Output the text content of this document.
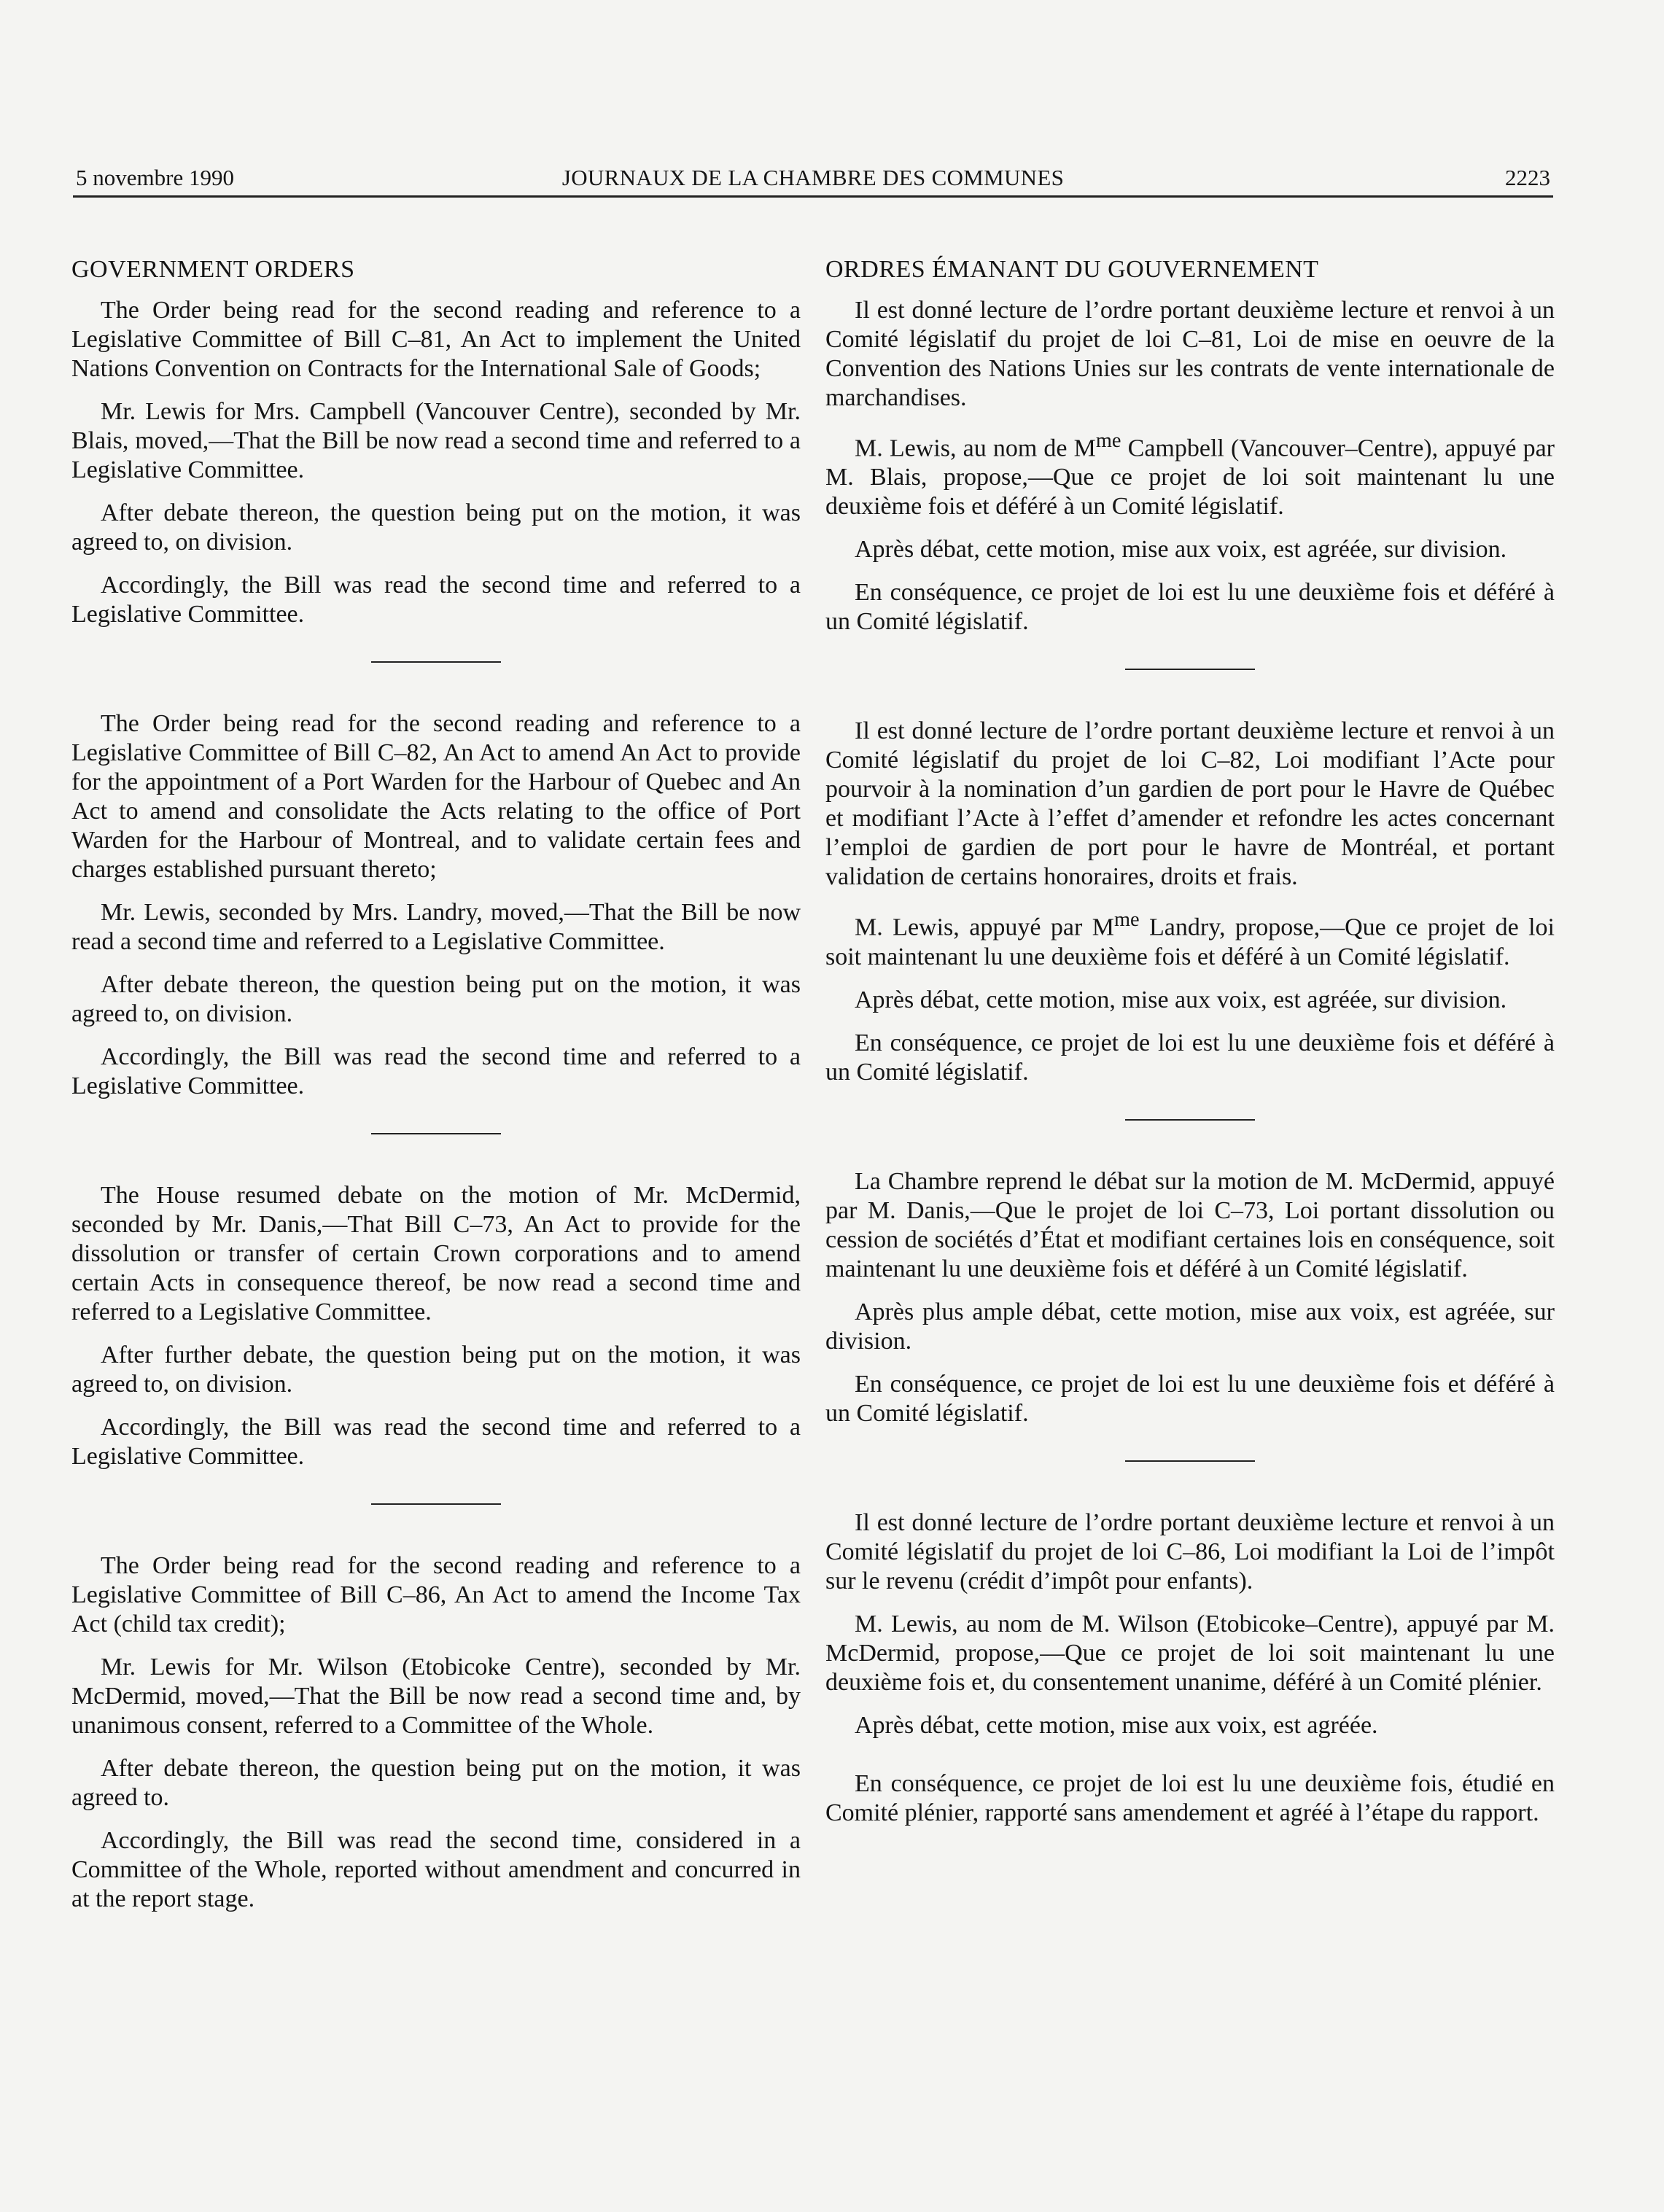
5 novembre 1990	JOURNAUX DE LA CHAMBRE DES COMMUNES	2223
GOVERNMENT ORDERS

The Order being read for the second reading and reference to a Legislative Committee of Bill C–81, An Act to implement the United Nations Convention on Contracts for the International Sale of Goods;

Mr. Lewis for Mrs. Campbell (Vancouver Centre), seconded by Mr. Blais, moved,—That the Bill be now read a second time and referred to a Legislative Committee.

After debate thereon, the question being put on the motion, it was agreed to, on division.

Accordingly, the Bill was read the second time and referred to a Legislative Committee.

The Order being read for the second reading and reference to a Legislative Committee of Bill C–82, An Act to amend An Act to provide for the appointment of a Port Warden for the Harbour of Quebec and An Act to amend and consolidate the Acts relating to the office of Port Warden for the Harbour of Montreal, and to validate certain fees and charges established pursuant thereto;

Mr. Lewis, seconded by Mrs. Landry, moved,—That the Bill be now read a second time and referred to a Legislative Committee.

After debate thereon, the question being put on the motion, it was agreed to, on division.

Accordingly, the Bill was read the second time and referred to a Legislative Committee.

The House resumed debate on the motion of Mr. McDermid, seconded by Mr. Danis,—That Bill C–73, An Act to provide for the dissolution or transfer of certain Crown corporations and to amend certain Acts in consequence thereof, be now read a second time and referred to a Legislative Committee.

After further debate, the question being put on the motion, it was agreed to, on division.

Accordingly, the Bill was read the second time and referred to a Legislative Committee.

The Order being read for the second reading and reference to a Legislative Committee of Bill C–86, An Act to amend the Income Tax Act (child tax credit);

Mr. Lewis for Mr. Wilson (Etobicoke Centre), seconded by Mr. McDermid, moved,—That the Bill be now read a second time and, by unanimous consent, referred to a Committee of the Whole.

After debate thereon, the question being put on the motion, it was agreed to.

Accordingly, the Bill was read the second time, considered in a Committee of the Whole, reported without amendment and concurred in at the report stage.

ORDRES ÉMANANT DU GOUVERNEMENT

Il est donné lecture de l’ordre portant deuxième lecture et renvoi à un Comité législatif du projet de loi C–81, Loi de mise en oeuvre de la Convention des Nations Unies sur les contrats de vente internationale de marchandises.

M. Lewis, au nom de $M^{me}$ Campbell (Vancouver–Centre), appuyé par M. Blais, propose,—Que ce projet de loi soit maintenant lu une deuxième fois et déféré à un Comité législatif.

Après débat, cette motion, mise aux voix, est agréée, sur division.

En conséquence, ce projet de loi est lu une deuxième fois et déféré à un Comité législatif.

Il est donné lecture de l’ordre portant deuxième lecture et renvoi à un Comité législatif du projet de loi C–82, Loi modifiant l’Acte pour pourvoir à la nomination d’un gardien de port pour le Havre de Québec et modifiant l’Acte à l’effet d’amender et refondre les actes concernant l’emploi de gardien de port pour le havre de Montréal, et portant validation de certains honoraires, droits et frais.

M. Lewis, appuyé par $M^{me}$ Landry, propose,—Que ce projet de loi soit maintenant lu une deuxième fois et déféré à un Comité législatif.

Après débat, cette motion, mise aux voix, est agréée, sur division.

En conséquence, ce projet de loi est lu une deuxième fois et déféré à un Comité législatif.

La Chambre reprend le débat sur la motion de M. McDermid, appuyé par M. Danis,—Que le projet de loi C–73, Loi portant dissolution ou cession de sociétés d’État et modifiant certaines lois en conséquence, soit maintenant lu une deuxième fois et déféré à un Comité législatif.

Après plus ample débat, cette motion, mise aux voix, est agréée, sur division.

En conséquence, ce projet de loi est lu une deuxième fois et déféré à un Comité législatif.

Il est donné lecture de l’ordre portant deuxième lecture et renvoi à un Comité législatif du projet de loi C–86, Loi modifiant la Loi de l’impôt sur le revenu (crédit d’impôt pour enfants).

M. Lewis, au nom de M. Wilson (Etobicoke–Centre), appuyé par M. McDermid, propose,—Que ce projet de loi soit maintenant lu une deuxième fois et, du consentement unanime, déféré à un Comité plénier.

Après débat, cette motion, mise aux voix, est agréée.

En conséquence, ce projet de loi est lu une deuxième fois, étudié en Comité plénier, rapporté sans amendement et agréé à l’étape du rapport.
